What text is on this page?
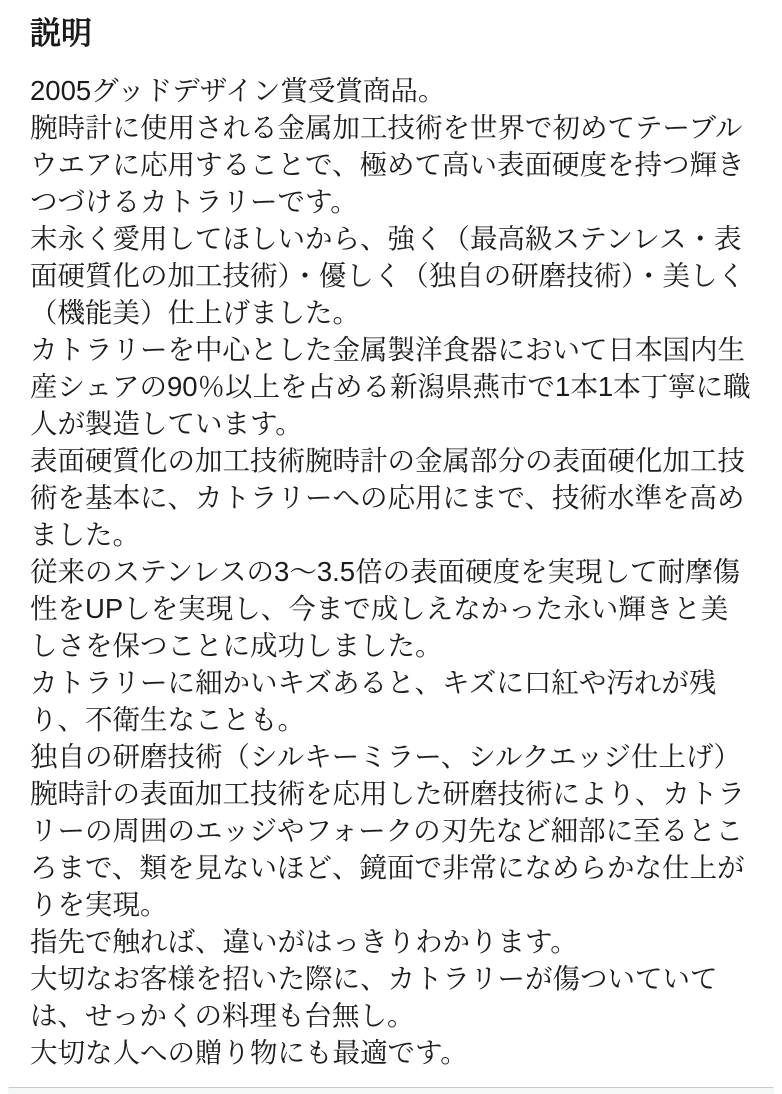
説明

2005グッドデザイン賞受賞商品。

腕時計に使用される金属加工技術を世界で初めてテーブルウエアに応用することで、極めて高い表面硬度を持つ輝きつづけるカトラリーです。

末永く愛用してほしいから、強く（最高級ステンレス・表面硬質化の加工技術）・優しく（独自の研磨技術）・美しく（機能美）仕上げました。

カトラリーを中心とした金属製洋食器において日本国内生産シェアの90％以上を占める新潟県燕市で1本1本丁寧に職人が製造しています。

表面硬質化の加工技術腕時計の金属部分の表面硬化加工技術を基本に、カトラリーへの応用にまで、技術水準を高めました。

従来のステンレスの3〜3.5倍の表面硬度を実現して耐摩傷性をUPしを実現し、今まで成しえなかった永い輝きと美しさを保つことに成功しました。

カトラリーに細かいキズあると、キズに口紅や汚れが残り、不衛生なことも。

独自の研磨技術（シルキーミラー、シルクエッジ仕上げ）

腕時計の表面加工技術を応用した研磨技術により、カトラリーの周囲のエッジやフォークの刃先など細部に至るところまで、類を見ないほど、鏡面で非常になめらかな仕上がりを実現。

指先で触れば、違いがはっきりわかります。

大切なお客様を招いた際に、カトラリーが傷ついていては、せっかくの料理も台無し。

大切な人への贈り物にも最適です。
